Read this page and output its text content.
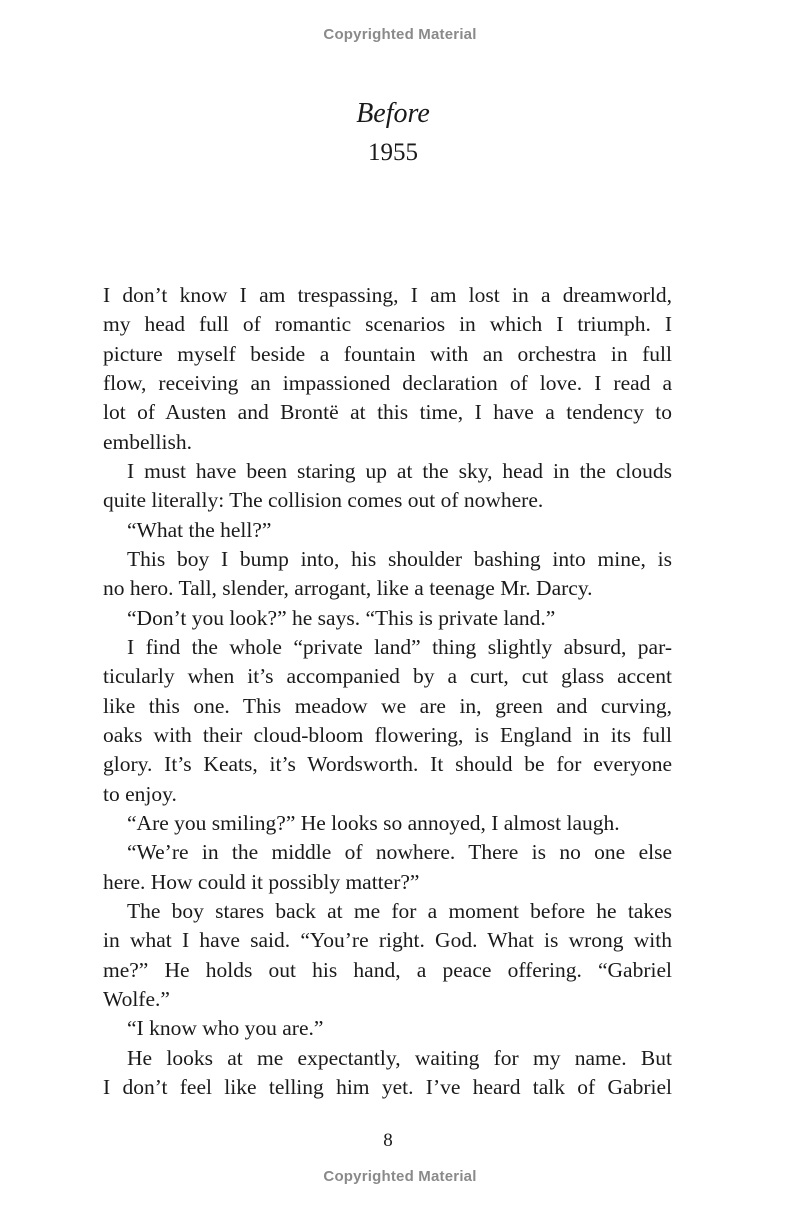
Copyrighted Material
Before
1955
I don’t know I am trespassing, I am lost in a dreamworld,
my head full of romantic scenarios in which I triumph. I
picture myself beside a fountain with an orchestra in full
flow, receiving an impassioned declaration of love. I read a
lot of Austen and Brontë at this time, I have a tendency to
embellish.
I must have been staring up at the sky, head in the clouds
quite literally: The collision comes out of nowhere.
“What the hell?”
This boy I bump into, his shoulder bashing into mine, is
no hero. Tall, slender, arrogant, like a teenage Mr. Darcy.
“Don’t you look?” he says. “This is private land.”
I find the whole “private land” thing slightly absurd, par-
ticularly when it’s accompanied by a curt, cut glass accent
like this one. This meadow we are in, green and curving,
oaks with their cloud-bloom flowering, is England in its full
glory. It’s Keats, it’s Wordsworth. It should be for everyone
to enjoy.
“Are you smiling?” He looks so annoyed, I almost laugh.
“We’re in the middle of nowhere. There is no one else
here. How could it possibly matter?”
The boy stares back at me for a moment before he takes
in what I have said. “You’re right. God. What is wrong with
me?” He holds out his hand, a peace offering. “Gabriel
Wolfe.”
“I know who you are.”
He looks at me expectantly, waiting for my name. But
I don’t feel like telling him yet. I’ve heard talk of Gabriel
8
Copyrighted Material
